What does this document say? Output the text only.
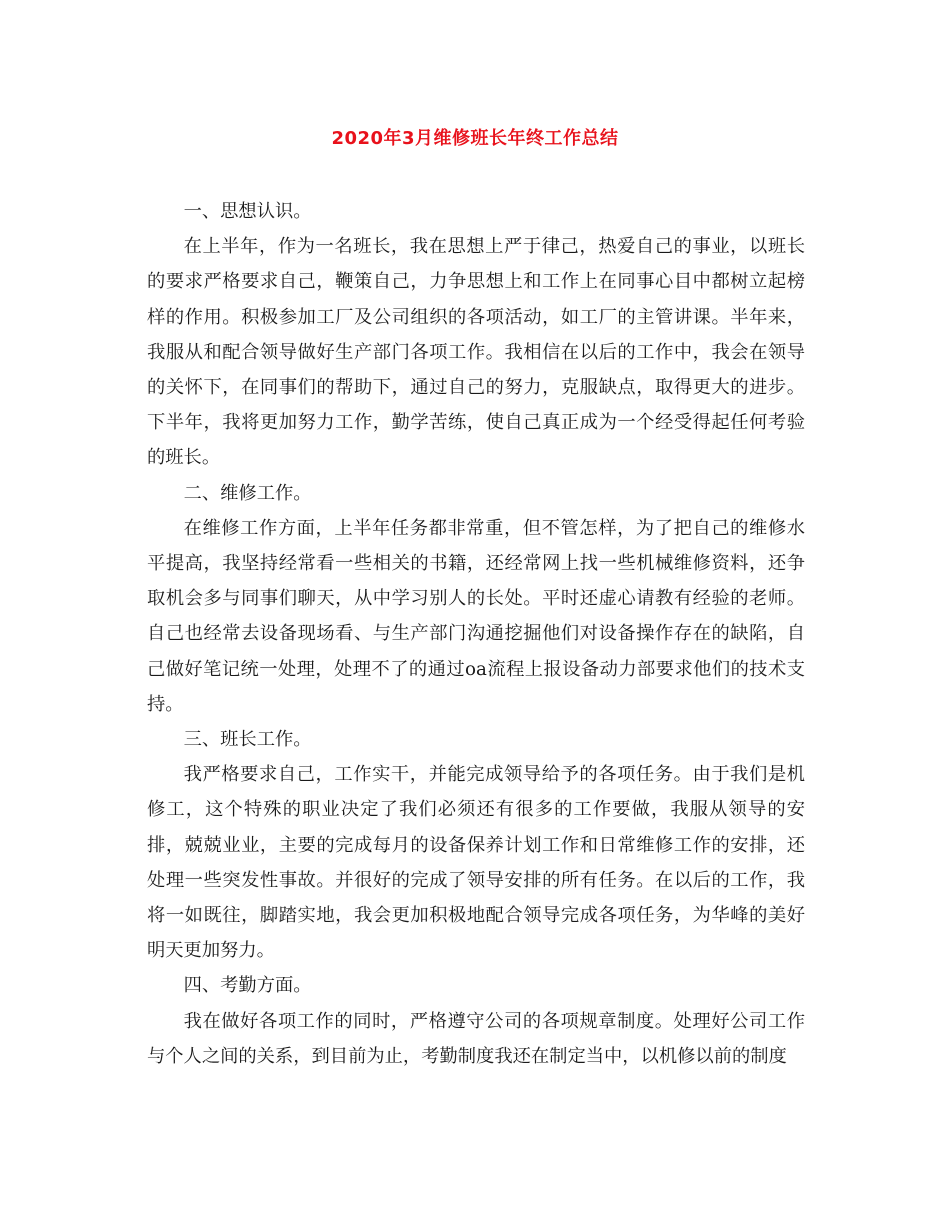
2020年3月维修班长年终工作总结

一、思想认识。

在上半年，作为一名班长，我在思想上严于律己，热爱自己的事业，以班长的要求严格要求自己，鞭策自己，力争思想上和工作上在同事心目中都树立起榜样的作用。积极参加工厂及公司组织的各项活动，如工厂的主管讲课。半年来，我服从和配合领导做好生产部门各项工作。我相信在以后的工作中，我会在领导的关怀下，在同事们的帮助下，通过自己的努力，克服缺点，取得更大的进步。下半年，我将更加努力工作，勤学苦练，使自己真正成为一个经受得起任何考验的班长。

二、维修工作。

在维修工作方面，上半年任务都非常重，但不管怎样，为了把自己的维修水平提高，我坚持经常看一些相关的书籍，还经常网上找一些机械维修资料，还争取机会多与同事们聊天，从中学习别人的长处。平时还虚心请教有经验的老师。自己也经常去设备现场看、与生产部门沟通挖掘他们对设备操作存在的缺陷，自己做好笔记统一处理，处理不了的通过oa流程上报设备动力部要求他们的技术支持。

三、班长工作。

我严格要求自己，工作实干，并能完成领导给予的各项任务。由于我们是机修工，这个特殊的职业决定了我们必须还有很多的工作要做，我服从领导的安排，兢兢业业，主要的完成每月的设备保养计划工作和日常维修工作的安排，还处理一些突发性事故。并很好的完成了领导安排的所有任务。在以后的工作，我将一如既往，脚踏实地，我会更加积极地配合领导完成各项任务，为华峰的美好明天更加努力。

四、考勤方面。

我在做好各项工作的同时，严格遵守公司的各项规章制度。处理好公司工作与个人之间的关系，到目前为止，考勤制度我还在制定当中，以机修以前的制度
